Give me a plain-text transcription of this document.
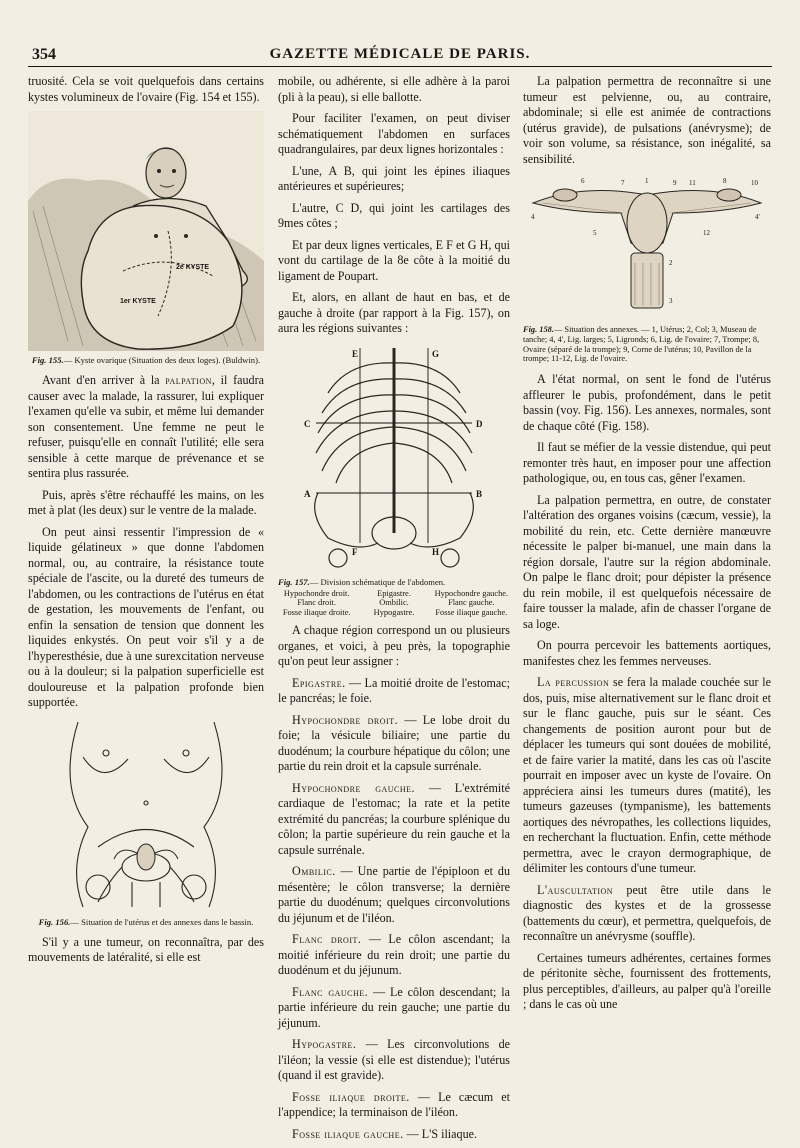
354	GAZETTE MÉDICALE DE PARIS.

truosité. Cela se voit quelquefois dans certains kystes volumineux de l'ovaire (Fig. 154 et 155).

2e KYSTE
1er KYSTE
Fig. 155.— Kyste ovarique (Situation des deux loges). (Buldwin).

Avant d'en arriver à la palpation, il faudra causer avec la malade, la rassurer, lui expliquer l'examen qu'elle va subir, et même lui demander son consentement. Une femme ne peut le refuser, puisqu'elle en connaît l'utilité; elle sera sensible à cette marque de prévenance et se sentira plus rassurée.

Puis, après s'être réchauffé les mains, on les met à plat (les deux) sur le ventre de la malade.

On peut ainsi ressentir l'impression de « liquide gélatineux » que donne l'abdomen normal, ou, au contraire, la résistance toute spéciale de l'ascite, ou la dureté des tumeurs de l'abdomen, ou les contractions de l'utérus en état de gestation, les mouvements de l'enfant, ou enfin la sensation de tension que donnent les liquides enkystés. On peut voir s'il y a de l'hyperesthésie, due à une surexcitation nerveuse ou à la douleur; si la palpation superficielle est douloureuse et la palpation profonde bien supportée.

Fig. 156.— Situation de l'utérus et des annexes dans le bassin.

S'il y a une tumeur, on reconnaîtra, par des mouvements de latéralité, si elle est

mobile, ou adhérente, si elle adhère à la paroi (pli à la peau), si elle ballotte.

Pour faciliter l'examen, on peut diviser schématiquement l'abdomen en surfaces quadrangulaires, par deux lignes horizontales :

L'une, A B, qui joint les épines iliaques antérieures et supérieures;

L'autre, C D, qui joint les cartilages des 9mes côtes ;

Et par deux lignes verticales, E F et G H, qui vont du cartilage de la 8e côte à la moitié du ligament de Poupart.

Et, alors, en allant de haut en bas, et de gauche à droite (par rapport à la Fig. 157), on aura les régions suivantes :

E	G
C	D
A	B
F	H
Fig. 157.— Division schématique de l'abdomen.
Hypochondre droit.	Epigastre.	Hypochondre gauche.
Flanc droit.	Ombilic.	Flanc gauche.
Fosse iliaque droite.	Hypogastre.	Fosse iliaque gauche.

A chaque région correspond un ou plusieurs organes, et voici, à peu près, la topographie qu'on peut leur assigner :

Epigastre. — La moitié droite de l'estomac; le pancréas; le foie.

Hypochondre droit. — Le lobe droit du foie; la vésicule biliaire; une partie du duodénum; la courbure hépatique du côlon; une partie du rein droit et la capsule surrénale.

Hypochondre gauche. — L'extrémité cardiaque de l'estomac; la rate et la petite extrémité du pancréas; la courbure splénique du côlon; la partie supérieure du rein gauche et la capsule surrénale.

Ombilic. — Une partie de l'épiploon et du mésentère; le côlon transverse; la dernière partie du duodénum; quelques circonvolutions du jéjunum et de l'iléon.

Flanc droit. — Le côlon ascendant; la moitié inférieure du rein droit; une partie du duodénum et du jéjunum.

Flanc gauche. — Le côlon descendant; la partie inférieure du rein gauche; une partie du jéjunum.

Hypogastre. — Les circonvolutions de l'iléon; la vessie (si elle est distendue); l'utérus (quand il est gravide).

Fosse iliaque droite. — Le cæcum et l'appendice; la terminaison de l'iléon.

Fosse iliaque gauche. — L'S iliaque.

La palpation permettra de reconnaître si une tumeur est pelvienne, ou, au contraire, abdominale; si elle est animée de contractions (utérus gravide), de pulsations (anévrysme); de voir son volume, sa résistance, son inégalité, sa sensibilité.

6	7	1	9 11	8	10
4	4'
5	12
2
3
Fig. 158.— Situation des annexes. — 1, Utérus; 2, Col; 3, Museau de tanche; 4, 4', Lig. larges; 5, Ligronds; 6, Lig. de l'ovaire; 7, Trompe; 8, Ovaire (séparé de la trompe); 9, Corne de l'utérus; 10, Pavillon de la trompe; 11-12, Lig. de l'ovaire.

A l'état normal, on sent le fond de l'utérus affleurer le pubis, profondément, dans le petit bassin (voy. Fig. 156). Les annexes, normales, sont de chaque côté (Fig. 158).

Il faut se méfier de la vessie distendue, qui peut remonter très haut, en imposer pour une affection pathologique, ou, en tous cas, gêner l'examen.

La palpation permettra, en outre, de constater l'altération des organes voisins (cæcum, vessie), la mobilité du rein, etc. Cette dernière manœuvre nécessite le palper bi-manuel, une main dans la région dorsale, l'autre sur la région abdominale. On palpe le flanc droit; pour dépister la présence du rein mobile, il est quelquefois nécessaire de faire tousser la malade, afin de chasser l'organe de sa loge.

On pourra percevoir les battements aortiques, manifestes chez les femmes nerveuses.

La percussion se fera la malade couchée sur le dos, puis, mise alternativement sur le flanc droit et sur le flanc gauche, puis sur le séant. Ces changements de position auront pour but de déplacer les tumeurs qui sont douées de mobilité, et de faire varier la matité, dans les cas où l'ascite pourrait en imposer avec un kyste de l'ovaire. On appréciera ainsi les tumeurs dures (matité), les tumeurs gazeuses (tympanisme), les battements aortiques des névropathes, les collections liquides, en recherchant la fluctuation. Enfin, cette méthode permettra, avec le crayon dermographique, de délimiter les contours d'une tumeur.

L'auscultation peut être utile dans le diagnostic des kystes et de la grossesse (battements du cœur), et permettra, quelquefois, de reconnaître un anévrysme (souffle).

Certaines tumeurs adhérentes, certaines formes de péritonite sèche, fournissent des frottements, plus perceptibles, d'ailleurs, au palper qu'à l'oreille ; dans le cas où une
